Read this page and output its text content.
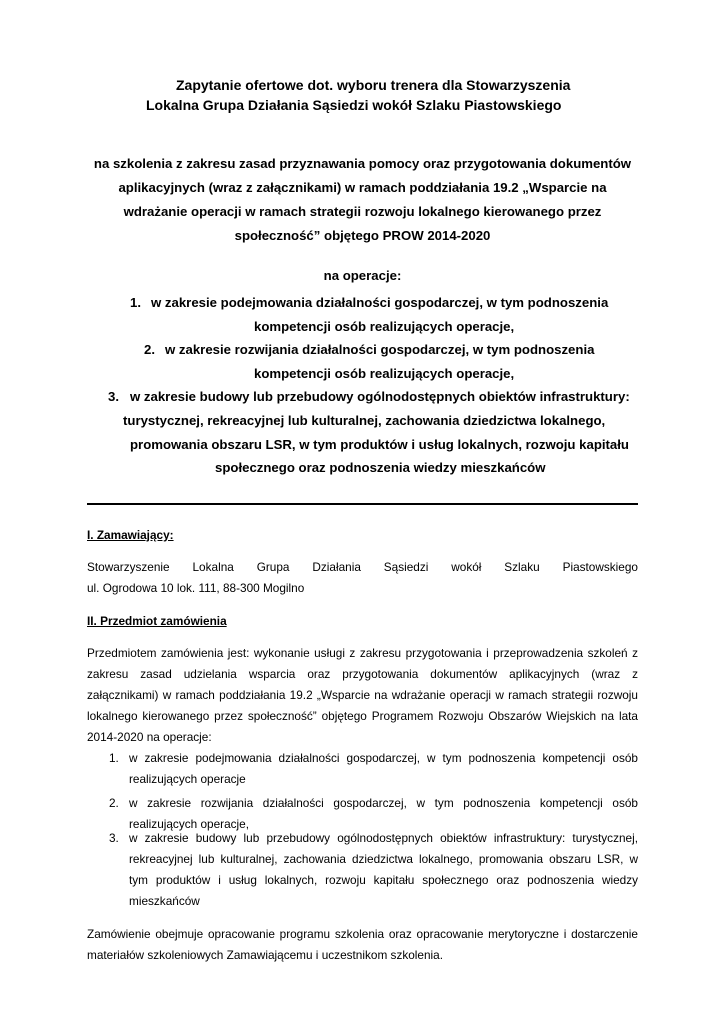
Zapytanie ofertowe dot. wyboru trenera dla Stowarzyszenia
Lokalna Grupa Działania Sąsiedzi wokół Szlaku Piastowskiego
na szkolenia z zakresu zasad przyznawania pomocy oraz przygotowania dokumentów
aplikacyjnych (wraz z załącznikami) w ramach poddziałania 19.2 „Wsparcie na
wdrażanie operacji w ramach strategii rozwoju lokalnego kierowanego przez
społeczność” objętego PROW 2014-2020
na operacje:
1. w zakresie podejmowania działalności gospodarczej, w tym podnoszenia
kompetencji osób realizujących operacje,
2. w zakresie rozwijania działalności gospodarczej, w tym podnoszenia
kompetencji osób realizujących operacje,
3. w zakresie budowy lub przebudowy ogólnodostępnych obiektów infrastruktury:
turystycznej, rekreacyjnej lub kulturalnej, zachowania dziedzictwa lokalnego,
promowania obszaru LSR, w tym produktów i usług lokalnych, rozwoju kapitału
społecznego oraz podnoszenia wiedzy mieszkańców
I. Zamawiający:
Stowarzyszenie Lokalna Grupa Działania Sąsiedzi wokół Szlaku Piastowskiego
ul. Ogrodowa 10 lok. 111, 88-300 Mogilno
II. Przedmiot zamówienia
Przedmiotem zamówienia jest: wykonanie usługi z zakresu przygotowania i przeprowadzenia szkoleń z
zakresu zasad udzielania wsparcia oraz przygotowania dokumentów aplikacyjnych (wraz z
załącznikami) w ramach poddziałania 19.2 „Wsparcie na wdrażanie operacji w ramach strategii rozwoju
lokalnego kierowanego przez społeczność” objętego Programem Rozwoju Obszarów Wiejskich na lata
2014-2020 na operacje:
1. w zakresie podejmowania działalności gospodarczej, w tym podnoszenia kompetencji osób
realizujących operacje
2. w zakresie rozwijania działalności gospodarczej, w tym podnoszenia kompetencji osób
realizujących operacje,
3. w zakresie budowy lub przebudowy ogólnodostępnych obiektów infrastruktury: turystycznej,
rekreacyjnej lub kulturalnej, zachowania dziedzictwa lokalnego, promowania obszaru LSR, w
tym produktów i usług lokalnych, rozwoju kapitału społecznego oraz podnoszenia wiedzy
mieszkańców
Zamówienie obejmuje opracowanie programu szkolenia oraz opracowanie merytoryczne i dostarczenie
materiałów szkoleniowych Zamawiającemu i uczestnikom szkolenia.
